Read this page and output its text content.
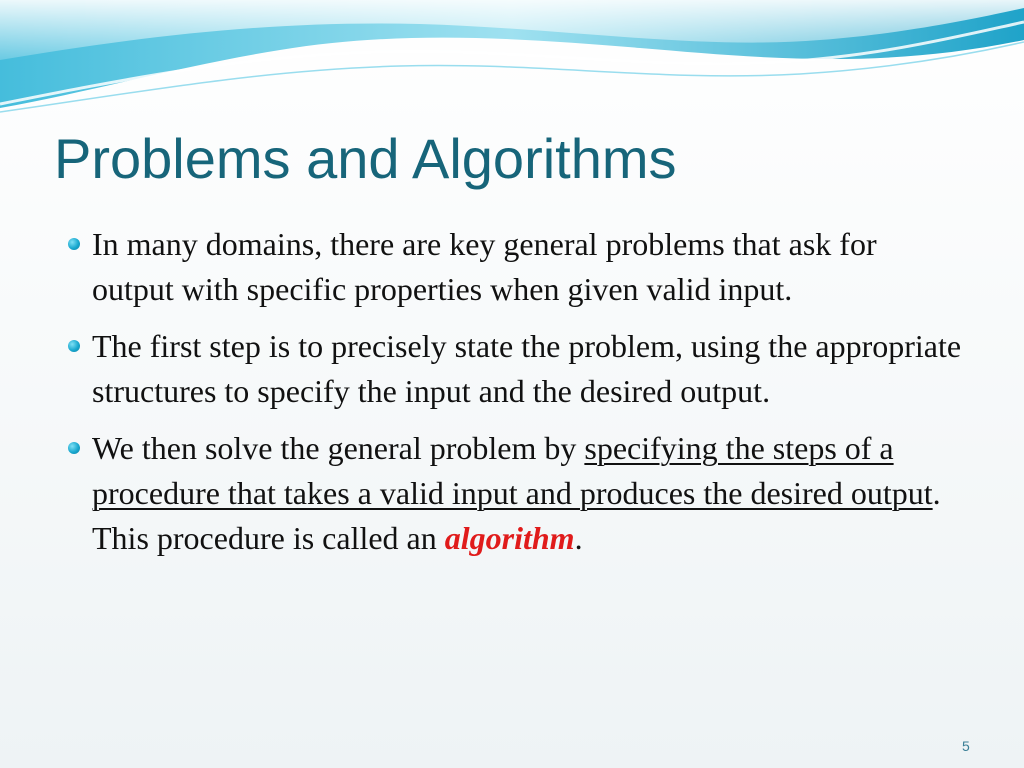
Problems and Algorithms
In many domains, there are key general problems that ask for output with specific properties when given valid input.
The first step is to precisely state the problem, using the appropriate structures to specify the input and the desired output.
We then solve the general problem by specifying the steps of a procedure that takes a valid input and produces the desired output. This procedure is called an algorithm.
5
